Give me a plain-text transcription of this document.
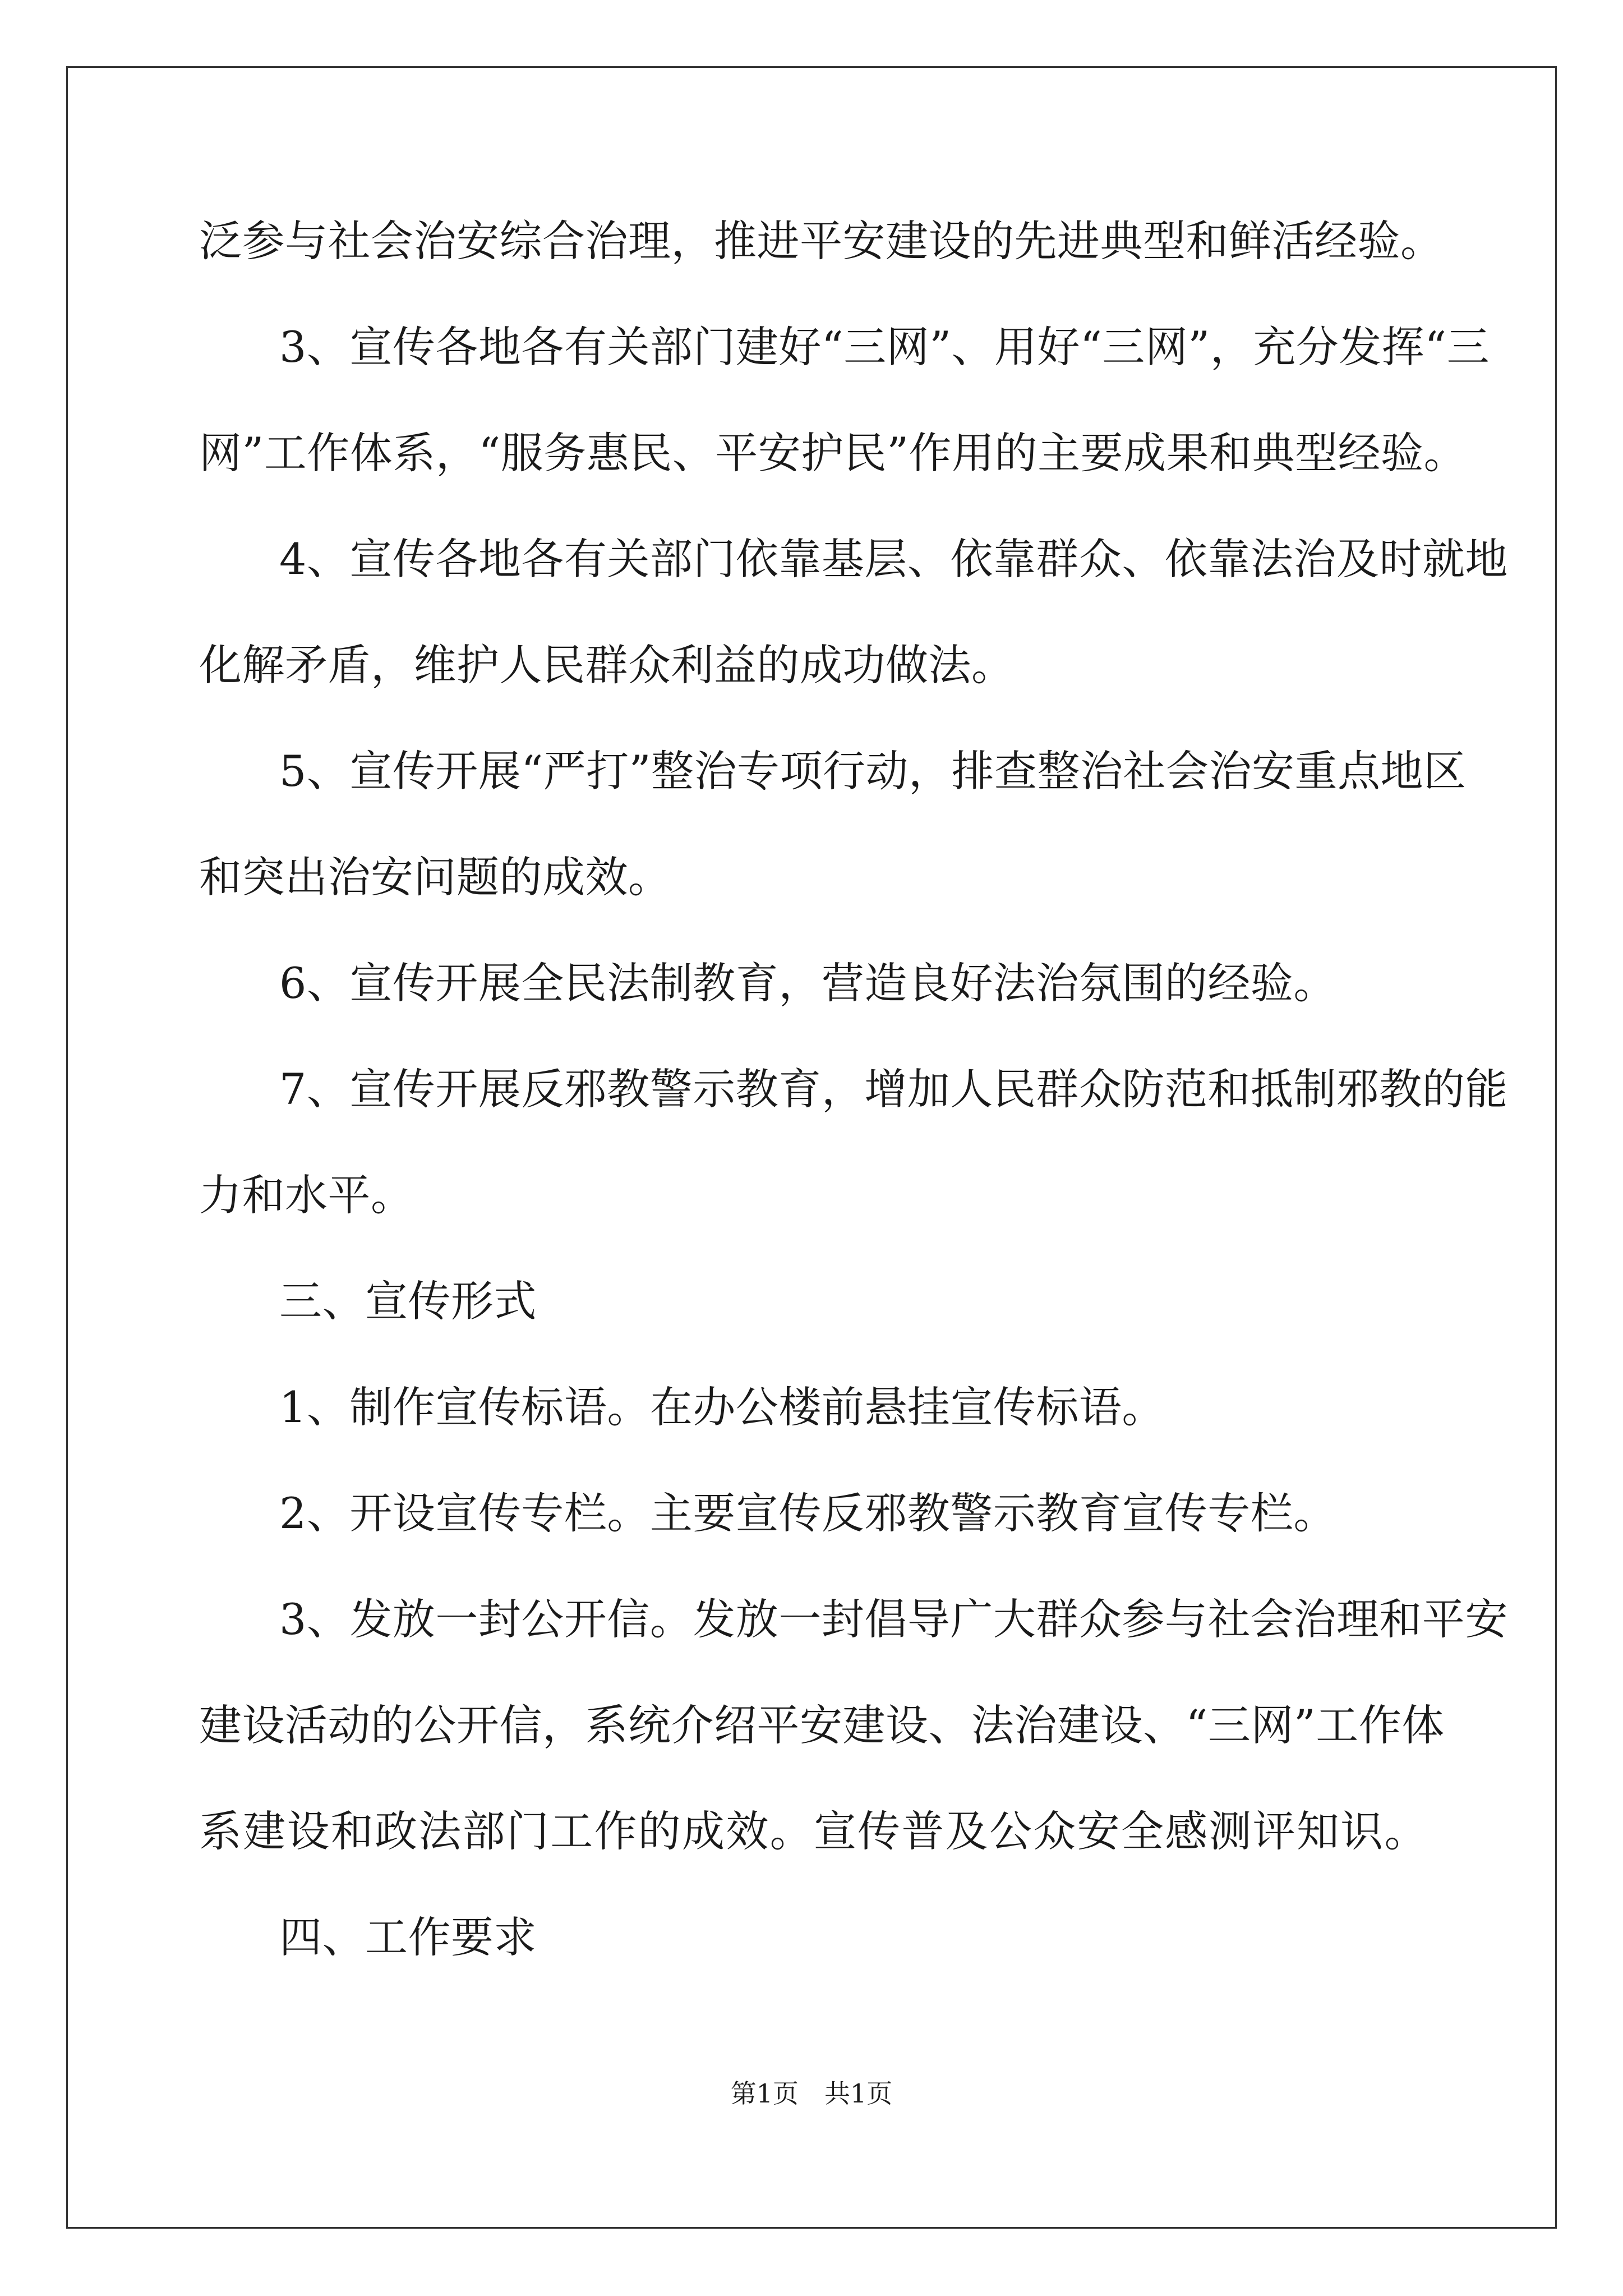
泛参与社会治安综合治理，推进平安建设的先进典型和鲜活经验。
3、宣传各地各有关部门建好“三网”、用好“三网”，充分发挥“三
网”工作体系，“服务惠民、平安护民”作用的主要成果和典型经验。
4、宣传各地各有关部门依靠基层、依靠群众、依靠法治及时就地
化解矛盾，维护人民群众利益的成功做法。
5、宣传开展“严打”整治专项行动，排查整治社会治安重点地区
和突出治安问题的成效。
6、宣传开展全民法制教育，营造良好法治氛围的经验。
7、宣传开展反邪教警示教育，增加人民群众防范和抵制邪教的能
力和水平。
三、宣传形式
1、制作宣传标语。在办公楼前悬挂宣传标语。
2、开设宣传专栏。主要宣传反邪教警示教育宣传专栏。
3、发放一封公开信。发放一封倡导广大群众参与社会治理和平安
建设活动的公开信，系统介绍平安建设、法治建设、“三网”工作体
系建设和政法部门工作的成效。宣传普及公众安全感测评知识。
四、工作要求
第1页　共1页
